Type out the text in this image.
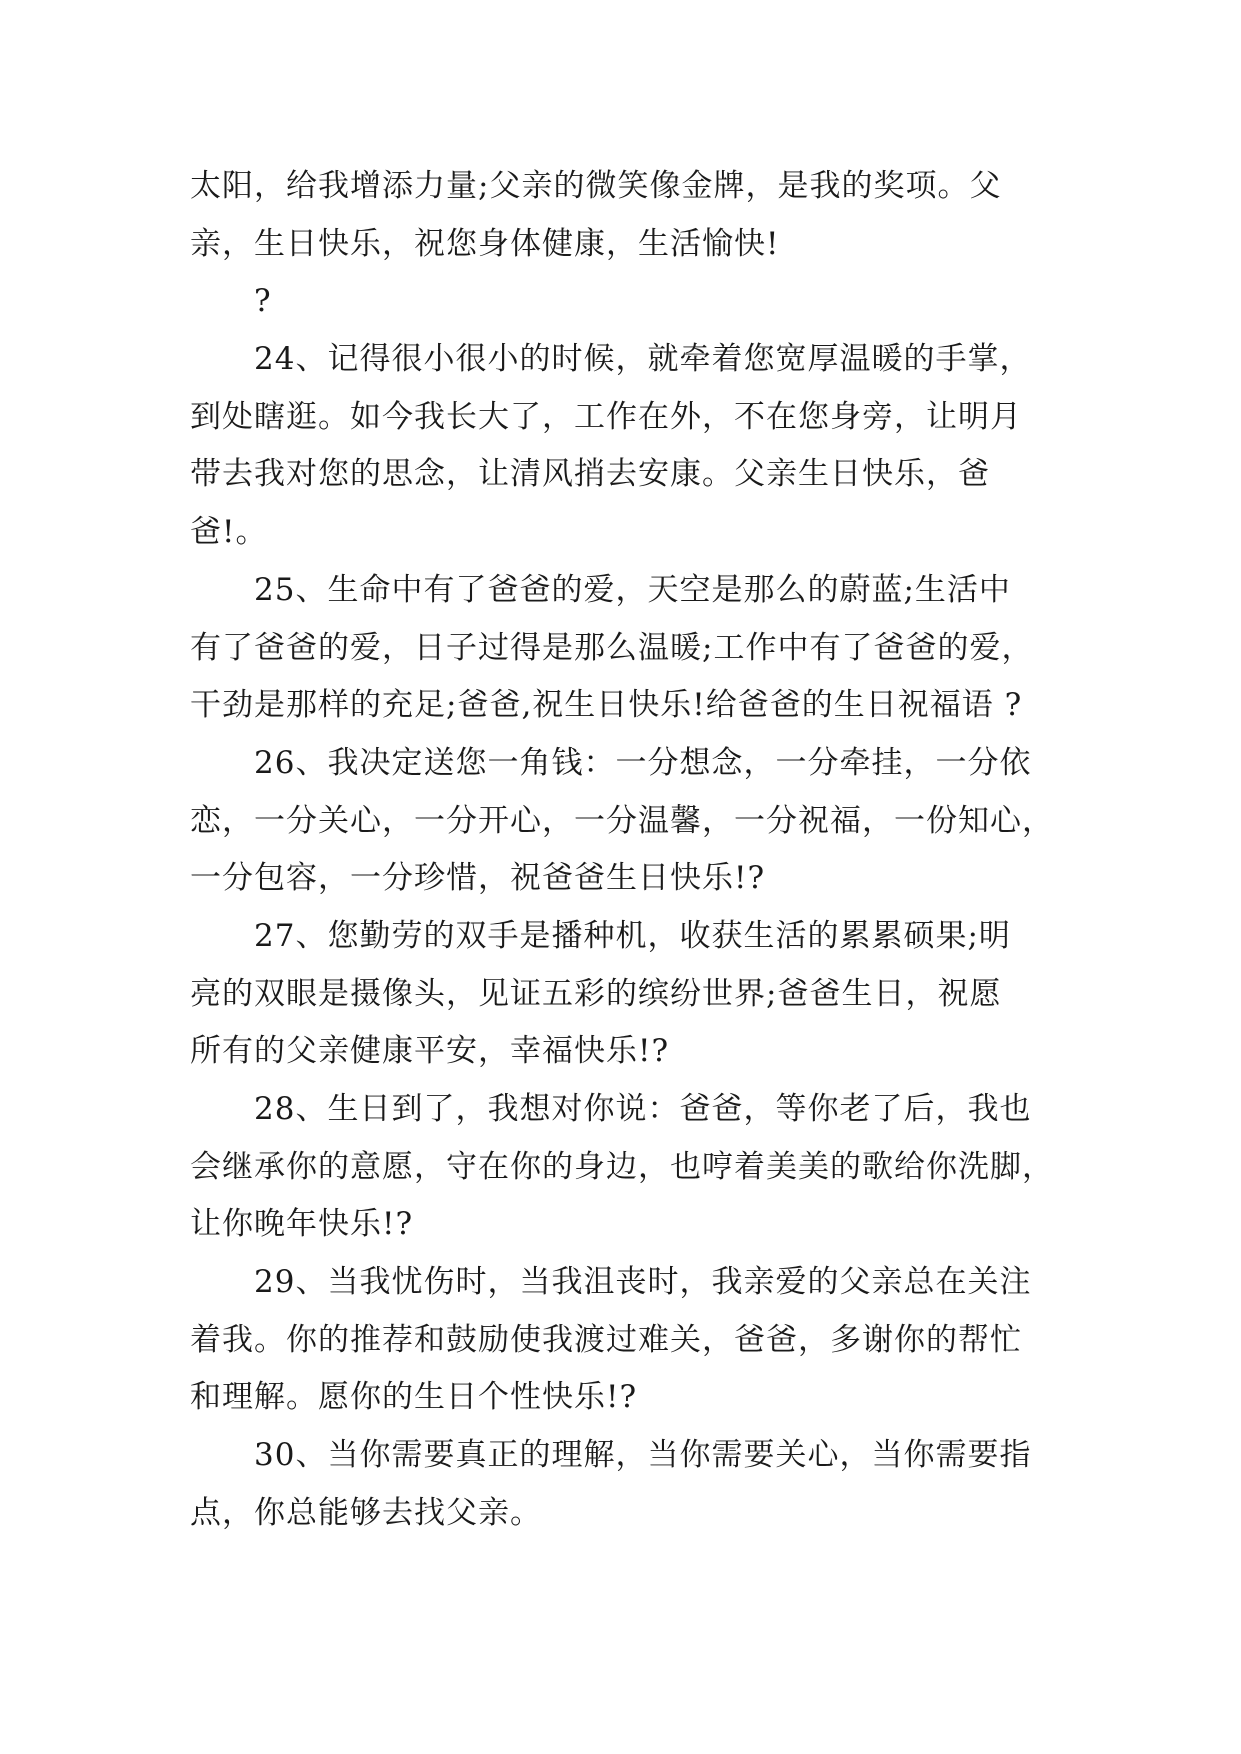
太阳，给我增添力量;父亲的微笑像金牌，是我的奖项。父
亲，生日快乐，祝您身体健康，生活愉快!
?
24、记得很小很小的时候，就牵着您宽厚温暖的手掌，
到处瞎逛。如今我长大了，工作在外，不在您身旁，让明月
带去我对您的思念，让清风捎去安康。父亲生日快乐，爸
爸!。
25、生命中有了爸爸的爱，天空是那么的蔚蓝;生活中
有了爸爸的爱，日子过得是那么温暖;工作中有了爸爸的爱，
干劲是那样的充足;爸爸,祝生日快乐!给爸爸的生日祝福语 ?
26、我决定送您一角钱：一分想念，一分牵挂，一分依
恋，一分关心，一分开心，一分温馨，一分祝福，一份知心，
一分包容，一分珍惜，祝爸爸生日快乐!?
27、您勤劳的双手是播种机，收获生活的累累硕果;明
亮的双眼是摄像头，见证五彩的缤纷世界;爸爸生日，祝愿
所有的父亲健康平安，幸福快乐!?
28、生日到了，我想对你说：爸爸，等你老了后，我也
会继承你的意愿，守在你的身边，也哼着美美的歌给你洗脚，
让你晚年快乐!?
29、当我忧伤时，当我沮丧时，我亲爱的父亲总在关注
着我。你的推荐和鼓励使我渡过难关，爸爸，多谢你的帮忙
和理解。愿你的生日个性快乐!?
30、当你需要真正的理解，当你需要关心，当你需要指
点，你总能够去找父亲。
